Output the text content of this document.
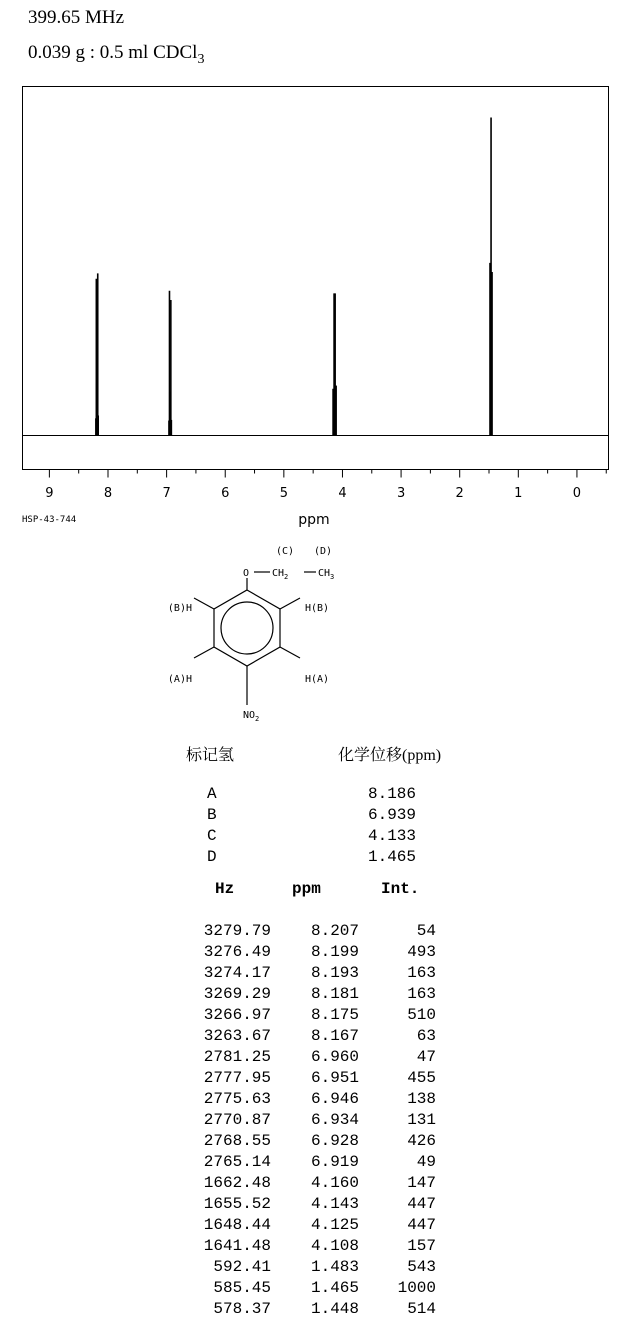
399.65 MHz
0.039 g : 0.5 ml CDCl$_3$
9	8	7	6	5	4	3	2	1	0
ppm
HSP-43-744
(C) (D)
O $CH_2$	$CH_3$
(B)H	H(B)
(A)H	H(A)
$NO_2$
标记氢	化学位移(ppm)
A	8.186
B	6.939
C	4.133
D	1.465
Hz	ppm	Int.
3279.79	8.207	54
3276.49	8.199	493
3274.17	8.193	163
3269.29	8.181	163
3266.97	8.175	510
3263.67	8.167	63
2781.25	6.960	47
2777.95	6.951	455
2775.63	6.946	138
2770.87	6.934	131
2768.55	6.928	426
2765.14	6.919	49
1662.48	4.160	147
1655.52	4.143	447
1648.44	4.125	447
1641.48	4.108	157
592.41	1.483	543
585.45	1.465	1000
578.37	1.448	514
